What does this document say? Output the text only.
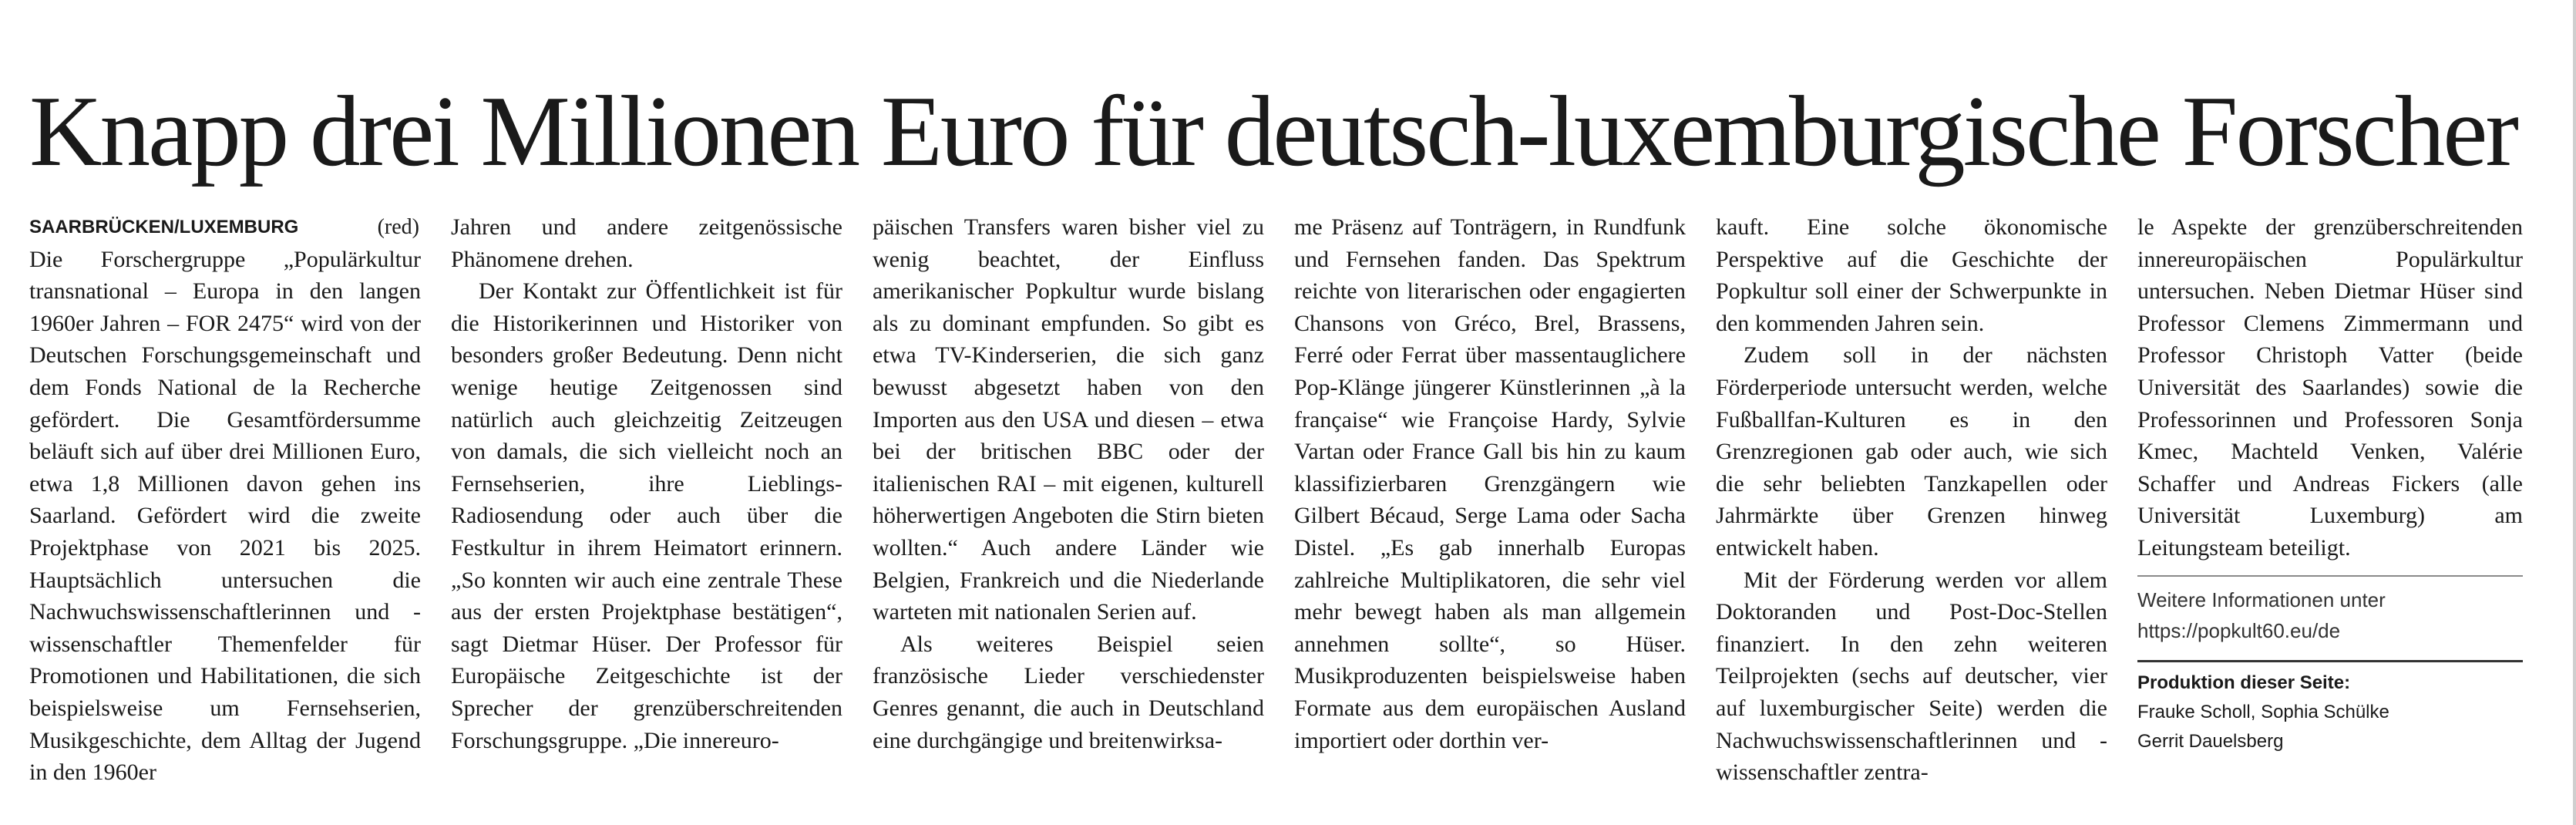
Knapp drei Millionen Euro für deutsch-luxemburgische Forscher
SAARBRÜCKEN/LUXEMBURG	(red)

Die Forschergruppe „Populärkultur transnational – Europa in den langen 1960er Jahren – FOR 2475“ wird von der Deutschen Forschungsgemeinschaft und dem Fonds National de la Recherche gefördert. Die Gesamtfördersumme beläuft sich auf über drei Millionen Euro, etwa 1,8 Millionen davon gehen ins Saarland. Gefördert wird die zweite Projektphase von 2021 bis 2025. Hauptsächlich untersuchen die Nachwuchswissenschaftlerinnen und -wissenschaftler Themenfelder für Promotionen und Habilitationen, die sich beispielsweise um Fernsehserien, Musikgeschichte, dem Alltag der Jugend in den 1960er

Jahren und andere zeitgenössische Phänomene drehen.

Der Kontakt zur Öffentlichkeit ist für die Historikerinnen und Historiker von besonders großer Bedeutung. Denn nicht wenige heutige Zeitgenossen sind natürlich auch gleichzeitig Zeitzeugen von damals, die sich vielleicht noch an Fernsehserien, ihre Lieblings-Radiosendung oder auch über die Festkultur in ihrem Heimatort erinnern. „So konnten wir auch eine zentrale These aus der ersten Projektphase bestätigen“, sagt Dietmar Hüser. Der Professor für Europäische Zeitgeschichte ist der Sprecher der grenzüberschreitenden Forschungsgruppe. „Die innereuro-

päischen Transfers waren bisher viel zu wenig beachtet, der Einfluss amerikanischer Popkultur wurde bislang als zu dominant empfunden. So gibt es etwa TV-Kinderserien, die sich ganz bewusst abgesetzt haben von den Importen aus den USA und diesen – etwa bei der britischen BBC oder der italienischen RAI – mit eigenen, kulturell höherwertigen Angeboten die Stirn bieten wollten.“ Auch andere Länder wie Belgien, Frankreich und die Niederlande warteten mit nationalen Serien auf.

Als weiteres Beispiel seien französische Lieder verschiedenster Genres genannt, die auch in Deutschland eine durchgängige und breitenwirksa-

me Präsenz auf Tonträgern, in Rundfunk und Fernsehen fanden. Das Spektrum reichte von literarischen oder engagierten Chansons von Gréco, Brel, Brassens, Ferré oder Ferrat über massentauglichere Pop-Klänge jüngerer Künstlerinnen „à la française“ wie Françoise Hardy, Sylvie Vartan oder France Gall bis hin zu kaum klassifizierbaren Grenzgängern wie Gilbert Bécaud, Serge Lama oder Sacha Distel. „Es gab innerhalb Europas zahlreiche Multiplikatoren, die sehr viel mehr bewegt haben als man allgemein annehmen sollte“, so Hüser. Musikproduzenten beispielsweise haben Formate aus dem europäischen Ausland importiert oder dorthin ver-

kauft. Eine solche ökonomische Perspektive auf die Geschichte der Popkultur soll einer der Schwerpunkte in den kommenden Jahren sein.

Zudem soll in der nächsten Förderperiode untersucht werden, welche Fußballfan-Kulturen es in den Grenzregionen gab oder auch, wie sich die sehr beliebten Tanzkapellen oder Jahrmärkte über Grenzen hinweg entwickelt haben.

Mit der Förderung werden vor allem Doktoranden und Post-Doc-Stellen finanziert. In den zehn weiteren Teilprojekten (sechs auf deutscher, vier auf luxemburgischer Seite) werden die Nachwuchswissenschaftlerinnen und -wissenschaftler zentra-

le Aspekte der grenzüberschreitenden innereuropäischen Populärkultur untersuchen. Neben Dietmar Hüser sind Professor Clemens Zimmermann und Professor Christoph Vatter (beide Universität des Saarlandes) sowie die Professorinnen und Professoren Sonja Kmec, Machteld Venken, Valérie Schaffer und Andreas Fickers (alle Universität Luxemburg) am Leitungsteam beteiligt.

Weitere Informationen unter https://popkult60.eu/de
Produktion dieser Seite:
Frauke Scholl, Sophia Schülke
Gerrit Dauelsberg
